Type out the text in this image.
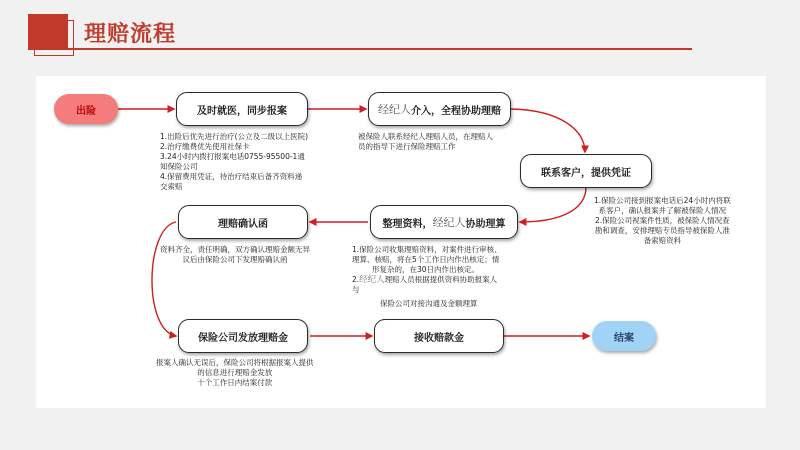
理赔流程
出险	及时就医，同步报案	经纪人 介入，全程协助理赔
联系客户，提供凭证
整理资料， 经纪人 协助理算
理赔确认函
保险公司发放理赔金	接收赔款金	结案
1.出险后优先进行治疗(公立及二级以上医院)
2.治疗缴费优先使用社保卡
3.24小时内拨打报案电话0755-95500-1通
知保险公司
4.保留费用凭证，待治疗结束后备齐资料递
交索赔
被保险人联系经纪人理赔人员，在理赔人
员的指导下进行保险理赔工作
1.保险公司接到报案电话后24小时内将联
系客户，确认报案并了解被保险人情况
2.保险公司视案件性质，被保险人情况查
勘和调查，安排理赔专员指导被保险人准
备索赔资料
1.保险公司收集理赔资料，对案件进行审核、
理算、核赔，将在5个工作日内作出核定；情
形复杂的，在30日内作出核定。
2.经纪人理赔人员根据提供资料协助报案人
与
保险公司对接沟通及金额理算
资料齐全，责任明确，双方确认理赔金额无异
议后由保险公司下发理赔确认函
报案人确认无误后，保险公司将根据报案人提供
的信息进行理赔金发放
十个工作日内结案付款
